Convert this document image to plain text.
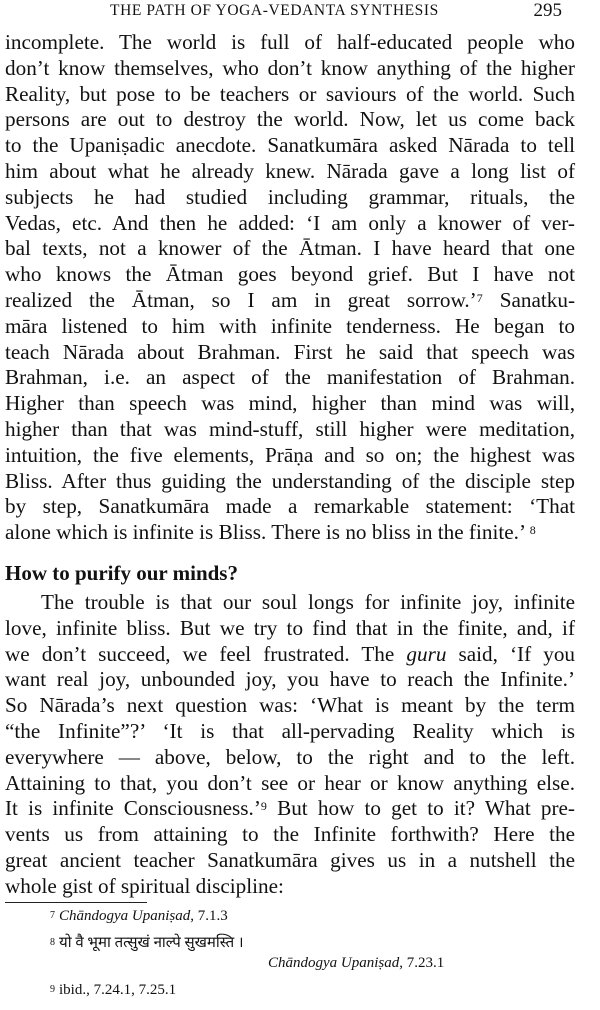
THE PATH OF YOGA-VEDANTA SYNTHESIS	295
incomplete. The world is full of half-educated people who
don’t know themselves, who don’t know anything of the higher
Reality, but pose to be teachers or saviours of the world. Such
persons are out to destroy the world. Now, let us come back
to the Upaniṣadic anecdote. Sanatkumāra asked Nārada to tell
him about what he already knew. Nārada gave a long list of
subjects he had studied including grammar, rituals, the
Vedas, etc. And then he added: ‘I am only a knower of ver-
bal texts, not a knower of the Ātman. I have heard that one
who knows the Ātman goes beyond grief. But I have not
realized the Ātman, so I am in great sorrow.’$^7$ Sanatku-
māra listened to him with infinite tenderness. He began to
teach Nārada about Brahman. First he said that speech was
Brahman, i.e. an aspect of the manifestation of Brahman.
Higher than speech was mind, higher than mind was will,
higher than that was mind-stuff, still higher were meditation,
intuition, the five elements, Prāṇa and so on; the highest was
Bliss. After thus guiding the understanding of the disciple step
by step, Sanatkumāra made a remarkable statement: ‘That
alone which is infinite is Bliss. There is no bliss in the finite.’ $^8$
How to purify our minds?
The trouble is that our soul longs for infinite joy, infinite
love, infinite bliss. But we try to find that in the finite, and, if
we don’t succeed, we feel frustrated. The guru said, ‘If you
want real joy, unbounded joy, you have to reach the Infinite.’
So Nārada’s next question was: ‘What is meant by the term
“the Infinite”?’ ‘It is that all-pervading Reality which is
everywhere — above, below, to the right and to the left.
Attaining to that, you don’t see or hear or know anything else.
It is infinite Consciousness.’$^9$ But how to get to it? What pre-
vents us from attaining to the Infinite forthwith? Here the
great ancient teacher Sanatkumāra gives us in a nutshell the
whole gist of spiritual discipline:

$^7$ Chāndogya Upaniṣad, 7.1.3

$^8$ यो वै भूमा तत्सुखं नाल्पे सुखमस्ति ।

Chāndogya Upaniṣad, 7.23.1

$^9$ ibid., 7.24.1, 7.25.1
